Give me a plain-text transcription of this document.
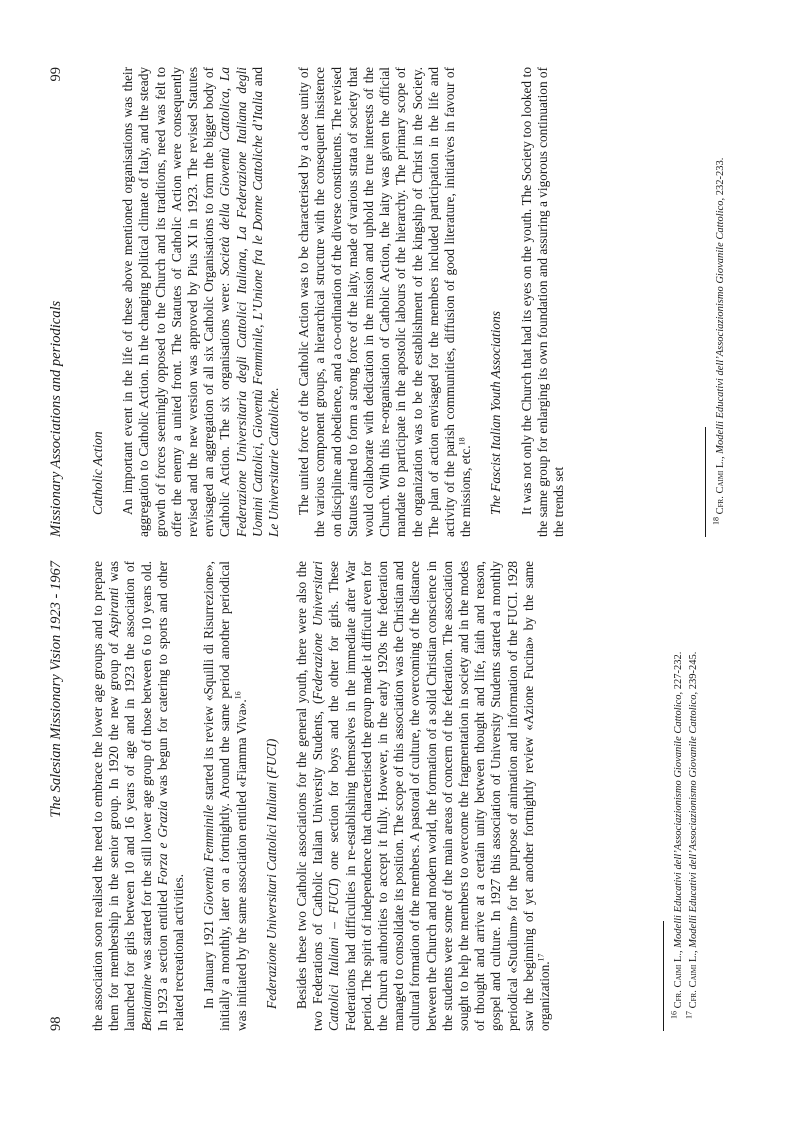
98
The Salesian Missionary Vision 1923 - 1967 the association soon realised the need to embrace the lower age groups and to prepare them for membership in the senior group. In 1920 the new group of Aspiranti was launched for girls between 10 and 16 years of age and in 1923 the association of Beniamine was started for the still lower age group of those between 6 to 10 years old. In 1923 a section entitled Forza e Grazia was begun for catering to sports and other related recreational activities. In January 1921 Gioventù Femminile started its review «Squilli di Risurrezione», initially a monthly, later on a fortnightly. Around the same period another periodical was initiated by the same association entitled «Fiamma Viva».$^{16}$

Federazione Universitari Cattolici Italiani (FUCI) Besides these two Catholic associations for the general youth, there were also the two Federations of Catholic Italian University Students, (Federazione Universitari Cattolici Italiani – FUCI) one section for boys and the other for girls. These Federations had difficulties in re-establishing themselves in the immediate after War period. The spirit of independence that characterised the group made it difficult even for the Church authorities to accept it fully. However, in the early 1920s the federation managed to consolidate its position. The scope of this association was the Christian and cultural formation of the members. A pastoral of culture, the overcoming of the distance between the Church and modern world, the formation of a solid Christian conscience in the students were some of the main areas of concern of the federation. The association sought to help the members to overcome the fragmentation in society and in the modes of thought and arrive at a certain unity between thought and life, faith and reason, gospel and culture. In 1927 this association of University Students started a monthly periodical «Studium» for the purpose of animation and information of the FUCI. 1928 saw the beginning of yet another fortnightly review «Azione Fucina» by the same organization.$^{17}$

$^{16}$ Cfr. Caimi L., Modelli Educativi dell’Associazionismo Giovanile Cattolico, 227-232.

$^{17}$ Cfr. Caimi L., Modelli Educativi dell’Associazionismo Giovanile Cattolico, 239-245.

Missionary Associations and periodicals
99

Catholic Action An important event in the life of these above mentioned organisations was their aggregation to Catholic Action. In the changing political climate of Italy, and the steady growth of forces seemingly opposed to the Church and its traditions, need was felt to offer the enemy a united front. The Statutes of Catholic Action were consequently revised and the new version was approved by Pius XI in 1923. The revised Statutes envisaged an aggregation of all six Catholic Organisations to form the bigger body of Catholic Action. The six organisations were: Società della Gioventù Cattolica, La Federazione Universitaria degli Cattolici Italiana, La Federazione Italiana degli Uomini Cattolici, Gioventù Femminile, L’Unione fra le Donne Cattoliche d’Italia and Le Universitarie Cattoliche. The united force of the Catholic Action was to be characterised by a close unity of the various component groups, a hierarchical structure with the consequent insistence on discipline and obedience, and a co-ordination of the diverse constituents. The revised Statutes aimed to form a strong force of the laity, made of various strata of society that would collaborate with dedication in the mission and uphold the true interests of the Church. With this re-organisation of Catholic Action, the laity was given the official mandate to participate in the apostolic labours of the hierarchy. The primary scope of the organization was to be the establishment of the kingship of Christ in the Society. The plan of action envisaged for the members included participation in the life and activity of the parish communities, diffusion of good literature, initiatives in favour of the missions, etc.$^{18}$	The Fascist Italian Youth Associations It was not only the Church that had its eyes on the youth. The Society too looked to the same group for enlarging its own foundation and assuring a vigorous continuation of the trends set	$^{18}$ Cfr. Caimi L., Modelli Educativi dell’Associazionismo Giovanile Cattolico, 232-233.
